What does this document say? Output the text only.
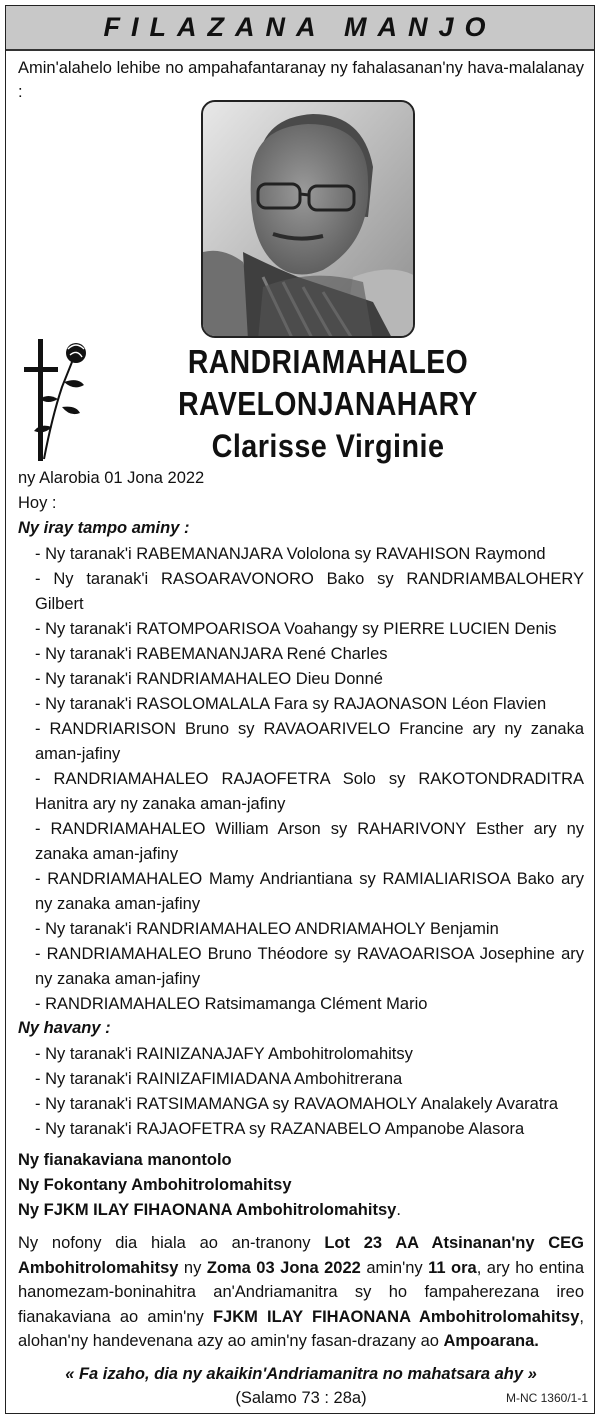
FILAZANA MANJO

Amin'alahelo lehibe no ampahafantaranay ny fahalasanan'ny hava-malalanay :

RANDRIAMAHALEO
RAVELONJANAHARY
Clarisse Virginie
ny Alarobia 01 Jona 2022
Hoy :
Ny iray tampo aminy :
- Ny taranak'i RABEMANANJARA Vololona sy RAVAHISON Raymond
- Ny taranak'i RASOARAVONORO Bako sy RANDRIAMBALOHERY Gilbert
- Ny taranak'i RATOMPOARISOA Voahangy sy PIERRE LUCIEN Denis
- Ny taranak'i RABEMANANJARA René Charles
- Ny taranak'i RANDRIAMAHALEO Dieu Donné
- Ny taranak'i RASOLOMALALA Fara sy RAJAONASON Léon Flavien
- RANDRIARISON Bruno sy RAVAOARIVELO Francine ary ny zanaka aman-jafiny
- RANDRIAMAHALEO RAJAOFETRA Solo sy RAKOTONDRADITRA Hanitra ary ny zanaka aman-jafiny
- RANDRIAMAHALEO William Arson sy RAHARIVONY Esther ary ny zanaka aman-jafiny
- RANDRIAMAHALEO Mamy Andriantiana sy RAMIALIARISOA Bako ary ny zanaka aman-jafiny
- Ny taranak'i RANDRIAMAHALEO ANDRIAMAHOLY Benjamin
- RANDRIAMAHALEO Bruno Théodore sy RAVAOARISOA Josephine ary ny zanaka aman-jafiny
- RANDRIAMAHALEO Ratsimamanga Clément Mario
Ny havany :
- Ny taranak'i RAINIZANAJAFY Ambohitrolomahitsy
- Ny taranak'i RAINIZAFIMIADANA Ambohitrerana
- Ny taranak'i RATSIMAMANGA sy RAVAOMAHOLY Analakely Avaratra
- Ny taranak'i RAJAOFETRA sy RAZANABELO Ampanobe Alasora
Ny fianakaviana manontolo
Ny Fokontany Ambohitrolomahitsy
Ny FJKM ILAY FIHAONANA Ambohitrolomahitsy.

Ny nofony dia hiala ao an-tranony Lot 23 AA Atsinanan'ny CEG Ambohitrolomahitsy ny Zoma 03 Jona 2022 amin'ny 11 ora, ary ho entina hanomezam-boninahitra an'Andriamanitra sy ho fampaherezana ireo fianakaviana ao amin'ny FJKM ILAY FIHAONANA Ambohitrolomahitsy, alohan'ny handevenana azy ao amin'ny fasan-drazany ao Ampoarana.

« Fa izaho, dia ny akaikin'Andriamanitra no mahatsara ahy »
(Salamo 73 : 28a)	M-NC 1360/1-1
